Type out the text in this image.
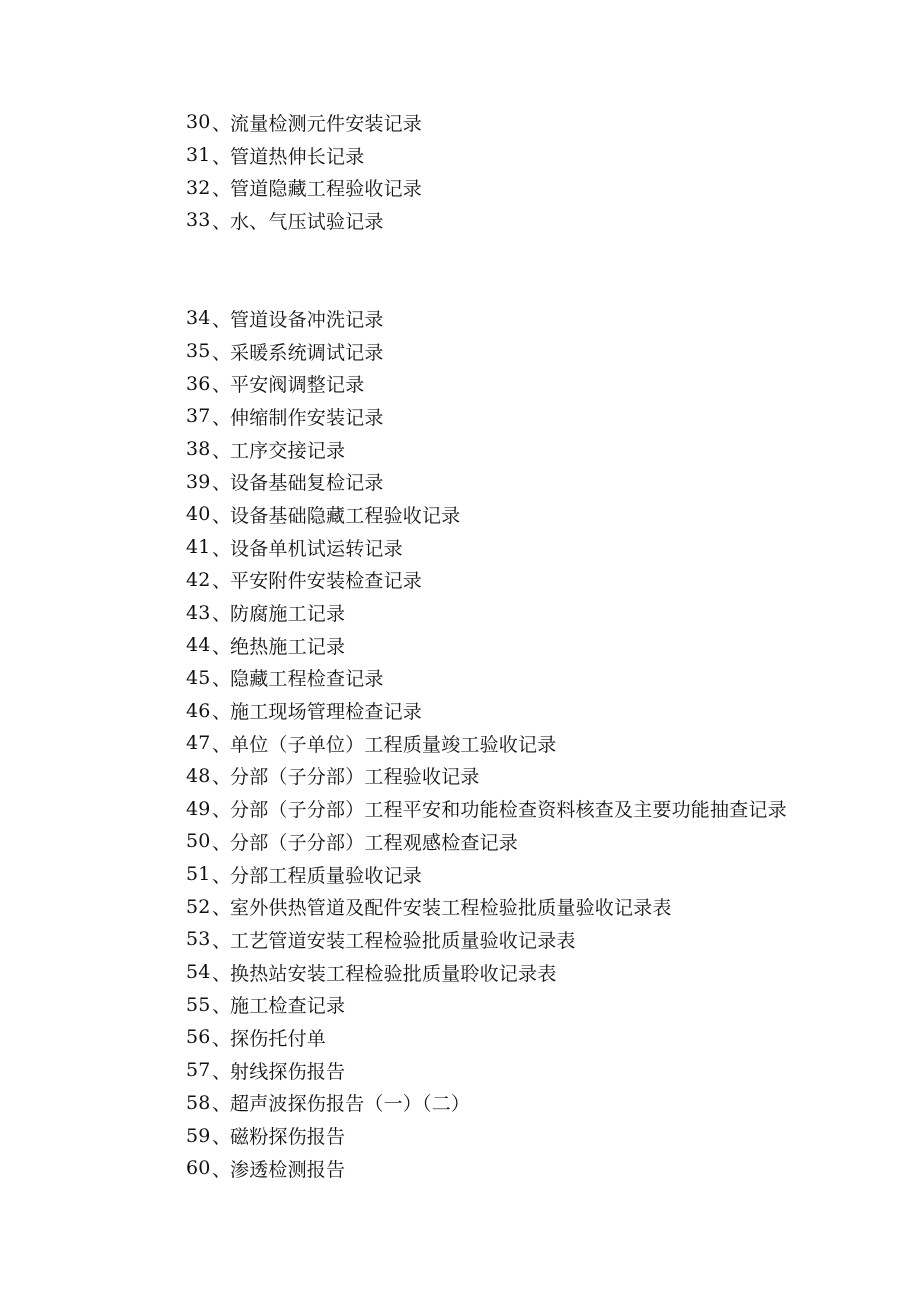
30 、
流量检测元件安装记录
31 、
管道热伸长记录
32 、
管道隐藏工程验收记录
33 、
水、气压试验记录
34 、
管道设备冲洗记录
35 、
采暖系统调试记录
36 、
平安阀调整记录
37 、
伸缩制作安装记录
38 、
工序交接记录
39 、
设备基础复检记录
40 、
设备基础隐藏工程验收记录
41 、
设备单机试运转记录
42 、
平安附件安装检查记录
43 、
防腐施工记录
44 、
绝热施工记录
45 、
隐藏工程检查记录
46 、
施工现场管理检查记录
47 、
单位（子单位）工程质量竣工验收记录
48 、
分部（子分部）工程验收记录
49 、
分部（子分部）工程平安和功能检查资料核查及主要功能抽查记录
50 、
分部（子分部）工程观感检查记录
51 、
分部工程质量验收记录
52 、
室外供热管道及配件安装工程检验批质量验收记录表
53 、
工艺管道安装工程检验批质量验收记录表
54 、
换热站安装工程检验批质量聆收记录表
55 、
施工检查记录
56 、
探伤托付单
57 、
射线探伤报告
58 、
超声波探伤报告（一）（二）
59 、
磁粉探伤报告
60 、
渗透检测报告
